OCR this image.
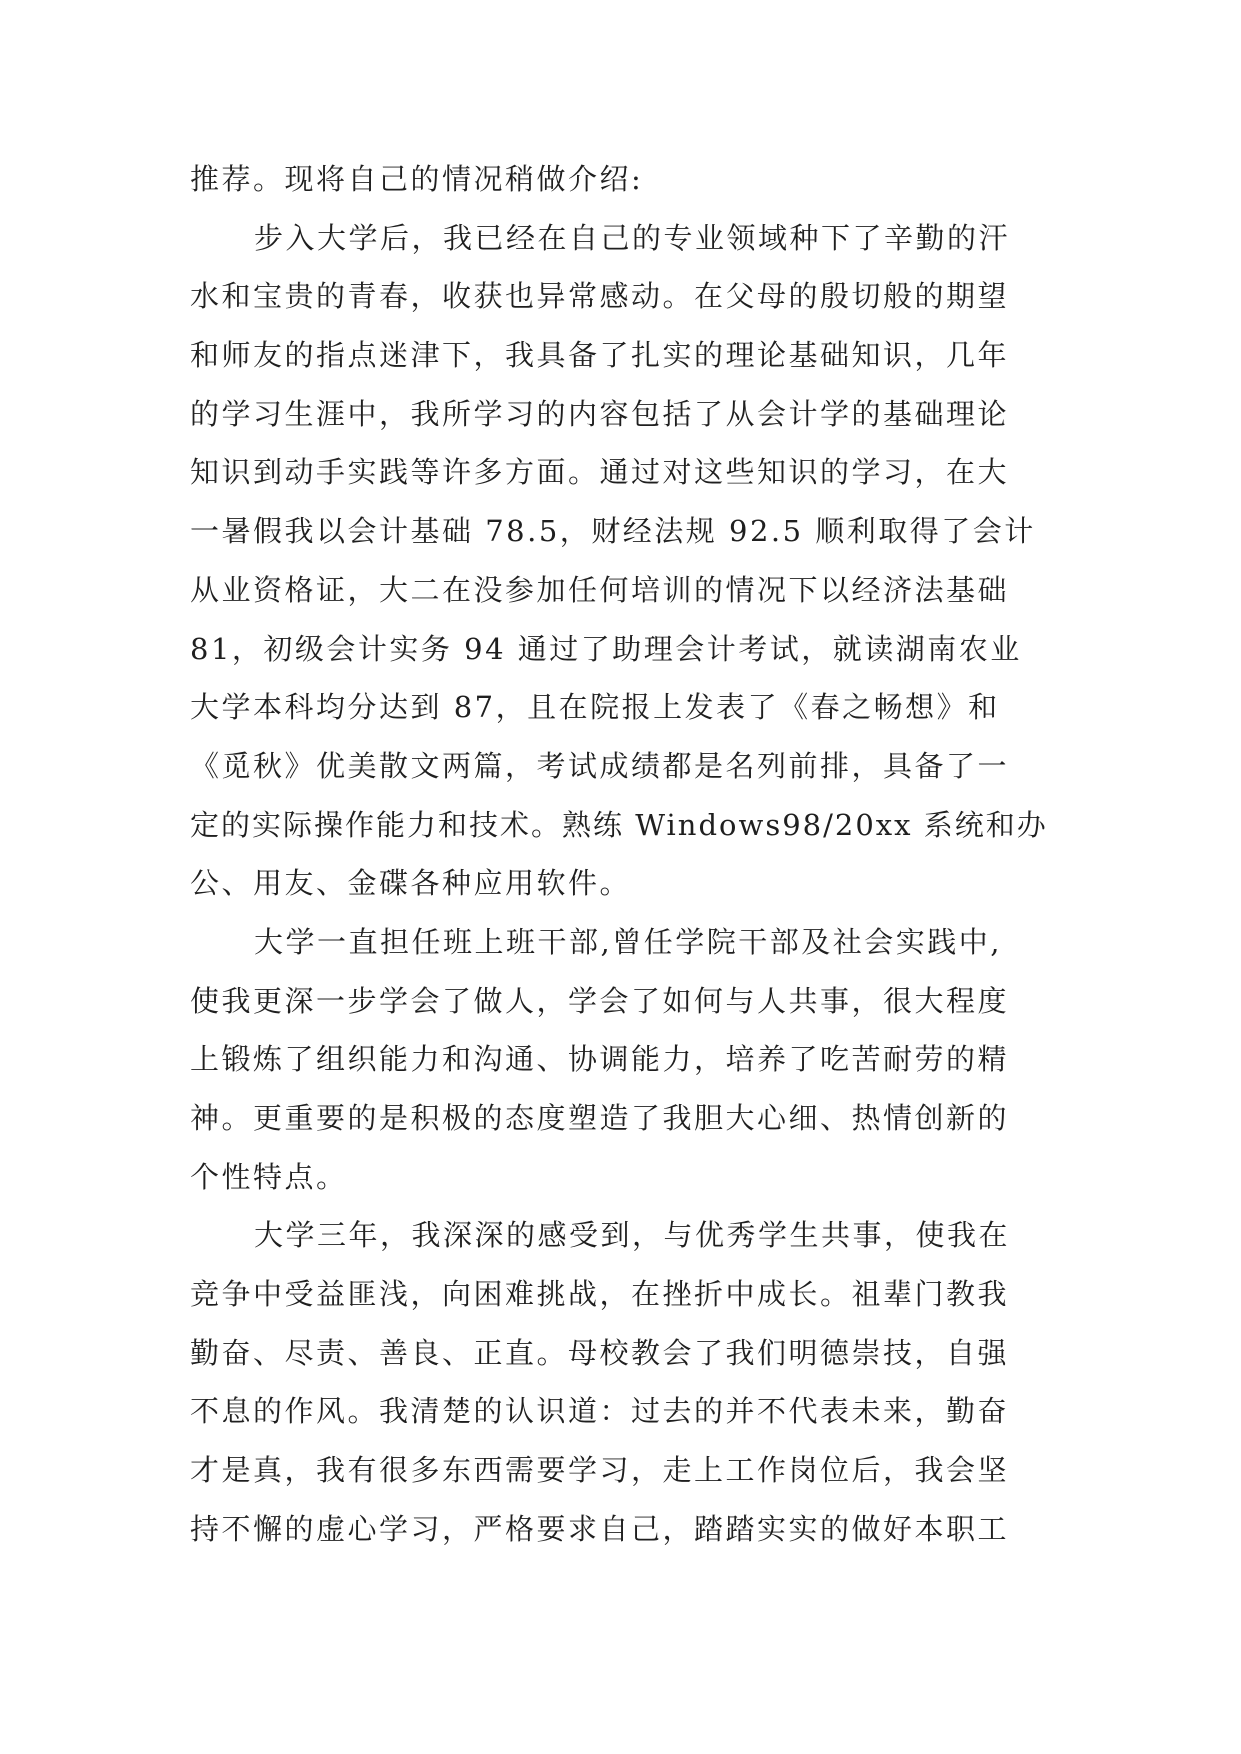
推荐。现将自己的情况稍做介绍:
步入大学后，我已经在自己的专业领域种下了辛勤的汗
水和宝贵的青春，收获也异常感动。在父母的殷切般的期望
和师友的指点迷津下，我具备了扎实的理论基础知识，几年
的学习生涯中，我所学习的内容包括了从会计学的基础理论
知识到动手实践等许多方面。通过对这些知识的学习，在大
一暑假我以会计基础 78.5，财经法规 92.5 顺利取得了会计
从业资格证，大二在没参加任何培训的情况下以经济法基础
81，初级会计实务 94 通过了助理会计考试，就读湖南农业
大学本科均分达到 87，且在院报上发表了《春之畅想》和
《觅秋》优美散文两篇，考试成绩都是名列前排，具备了一
定的实际操作能力和技术。熟练 Windows98/20xx 系统和办
公、用友、金碟各种应用软件。
大学一直担任班上班干部,曾任学院干部及社会实践中,
使我更深一步学会了做人，学会了如何与人共事，很大程度
上锻炼了组织能力和沟通、协调能力，培养了吃苦耐劳的精
神。更重要的是积极的态度塑造了我胆大心细、热情创新的
个性特点。
大学三年，我深深的感受到，与优秀学生共事，使我在
竞争中受益匪浅，向困难挑战，在挫折中成长。祖辈门教我
勤奋、尽责、善良、正直。母校教会了我们明德崇技，自强
不息的作风。我清楚的认识道：过去的并不代表未来，勤奋
才是真，我有很多东西需要学习，走上工作岗位后，我会坚
持不懈的虚心学习，严格要求自己，踏踏实实的做好本职工
